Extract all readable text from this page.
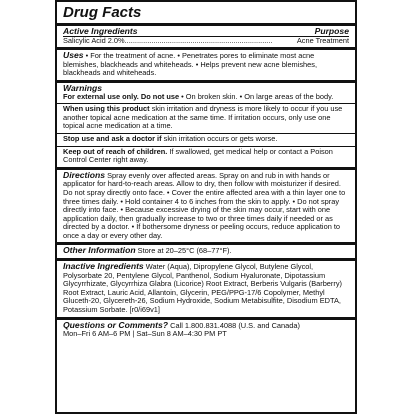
Drug Facts
Active Ingredients	Purpose
Salicylic Acid 2.0% ........................................................................	Acne Treatment

Uses • For the treatment of acne. • Penetrates pores to eliminate most acne blemishes, blackheads and whiteheads. • Helps prevent new acne blemishes, blackheads and whiteheads.

Warnings

For external use only. Do not use • On broken skin. • On large areas of the body.

When using this product skin irritation and dryness is more likely to occur if you use another topical acne medication at the same time. If irritation occurs, only use one topical acne medication at a time.

Stop use and ask a doctor if skin irritation occurs or gets worse.

Keep out of reach of children. If swallowed, get medical help or contact a Poison Control Center right away.

Directions Spray evenly over affected areas. Spray on and rub in with hands or applicator for hard-to-reach areas. Allow to dry, then follow with moisturizer if desired. Do not spray directly onto face. • Cover the entire affected area with a thin layer one to three times daily. • Hold container 4 to 6 inches from the skin to apply. • Do not spray directly into face. • Because excessive drying of the skin may occur, start with one application daily, then gradually increase to two or three times daily if needed or as directed by a doctor. • If bothersome dryness or peeling occurs, reduce application to once a day or every other day.

Other Information Store at 20–25°C (68–77°F).

Inactive Ingredients Water (Aqua), Dipropylene Glycol, Butylene Glycol, Polysorbate 20, Pentylene Glycol, Panthenol, Sodium Hyaluronate, Dipotassium Glycyrrhizate, Glycyrrhiza Glabra (Licorice) Root Extract, Berberis Vulgaris (Barberry) Root Extract, Lauric Acid, Allantoin, Glycerin, PEG/PPG-17/6 Copolymer, Methyl Gluceth-20, Glycereth-26, Sodium Hydroxide, Sodium Metabisulfite, Disodium EDTA, Potassium Sorbate. [r0/i69v1]

Questions or Comments? Call 1.800.831.4088 (U.S. and Canada)

Mon–Fri 6 AM–6 PM | Sat–Sun 8 AM–4:30 PM PT
